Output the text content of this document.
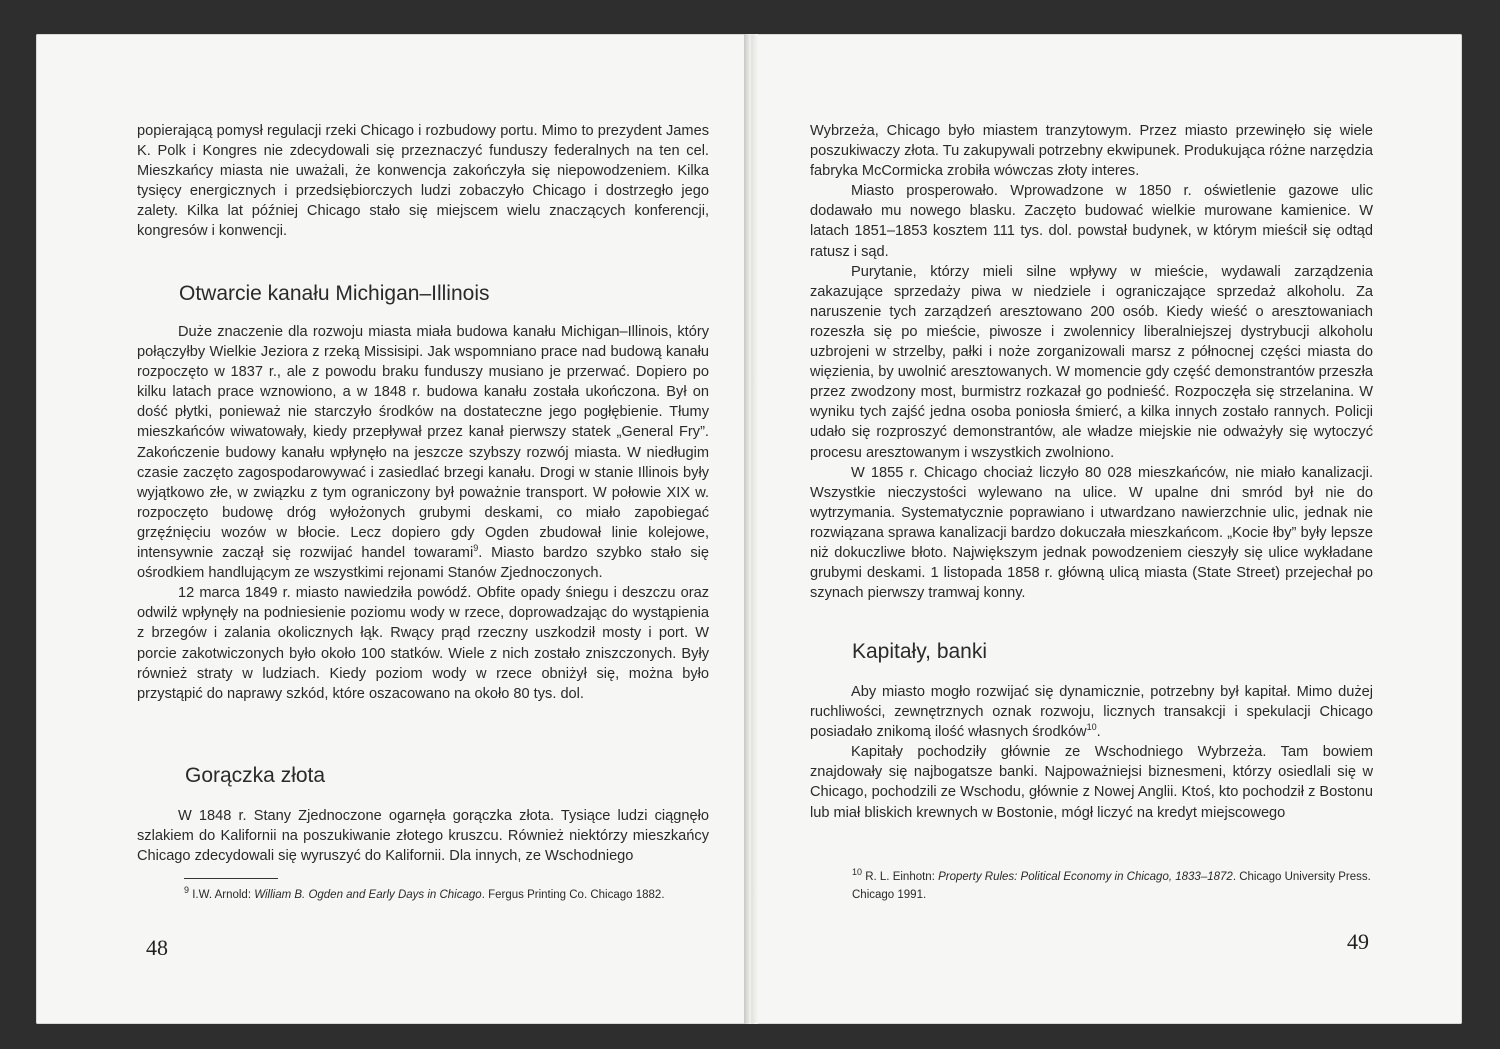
popierającą pomysł regulacji rzeki Chicago i rozbudowy portu. Mimo to prezydent James K. Polk i Kongres nie zdecydowali się przeznaczyć funduszy federalnych na ten cel. Mieszkańcy miasta nie uważali, że konwencja zakończyła się niepowodzeniem. Kilka tysięcy energicznych i przedsiębiorczych ludzi zobaczyło Chicago i dostrzegło jego zalety. Kilka lat później Chicago stało się miejscem wielu znaczących konferencji, kongresów i konwencji.

Otwarcie kanału Michigan–Illinois

Duże znaczenie dla rozwoju miasta miała budowa kanału Michigan–Illinois, który połączyłby Wielkie Jeziora z rzeką Missisipi. Jak wspomniano prace nad budową kanału rozpoczęto w 1837 r., ale z powodu braku funduszy musiano je przerwać. Dopiero po kilku latach prace wznowiono, a w 1848 r. budowa kanału została ukończona. Był on dość płytki, ponieważ nie starczyło środków na dostateczne jego pogłębienie. Tłumy mieszkańców wiwatowały, kiedy przepływał przez kanał pierwszy statek „General Fry”. Zakończenie budowy kanału wpłynęło na jeszcze szybszy rozwój miasta. W niedługim czasie zaczęto zagospodarowywać i zasiedlać brzegi kanału. Drogi w stanie Illinois były wyjątkowo złe, w związku z tym ograniczony był poważnie transport. W połowie XIX w. rozpoczęto budowę dróg wyłożonych grubymi deskami, co miało zapobiegać grzęźnięciu wozów w błocie. Lecz dopiero gdy Ogden zbudował linie kolejowe, intensywnie zaczął się rozwijać handel towarami$^9$. Miasto bardzo szybko stało się ośrodkiem handlującym ze wszystkimi rejonami Stanów Zjednoczonych.

12 marca 1849 r. miasto nawiedziła powódź. Obfite opady śniegu i deszczu oraz odwilż wpłynęły na podniesienie poziomu wody w rzece, doprowadzając do wystąpienia z brzegów i zalania okolicznych łąk. Rwący prąd rzeczny uszkodził mosty i port. W porcie zakotwiczonych było około 100 statków. Wiele z nich zostało zniszczonych. Były również straty w ludziach. Kiedy poziom wody w rzece obniżył się, można było przystąpić do naprawy szkód, które oszacowano na około 80 tys. dol.

Gorączka złota

W 1848 r. Stany Zjednoczone ogarnęła gorączka złota. Tysiące ludzi ciągnęło szlakiem do Kalifornii na poszukiwanie złotego kruszcu. Również niektórzy mieszkańcy Chicago zdecydowali się wyruszyć do Kalifornii. Dla innych, ze Wschodniego

$^9$ I.W. Arnold: William B. Ogden and Early Days in Chicago. Fergus Printing Co. Chicago 1882.
48

Wybrzeża, Chicago było miastem tranzytowym. Przez miasto przewinęło się wiele poszukiwaczy złota. Tu zakupywali potrzebny ekwipunek. Produkująca różne narzędzia fabryka McCormicka zrobiła wówczas złoty interes.

Miasto prosperowało. Wprowadzone w 1850 r. oświetlenie gazowe ulic dodawało mu nowego blasku. Zaczęto budować wielkie murowane kamienice. W latach 1851–1853 kosztem 111 tys. dol. powstał budynek, w którym mieścił się odtąd ratusz i sąd.

Purytanie, którzy mieli silne wpływy w mieście, wydawali zarządzenia zakazujące sprzedaży piwa w niedziele i ograniczające sprzedaż alkoholu. Za naruszenie tych zarządzeń aresztowano 200 osób. Kiedy wieść o aresztowaniach rozeszła się po mieście, piwosze i zwolennicy liberalniejszej dystrybucji alkoholu uzbrojeni w strzelby, pałki i noże zorganizowali marsz z północnej części miasta do więzienia, by uwolnić aresztowanych. W momencie gdy część demonstrantów przeszła przez zwodzony most, burmistrz rozkazał go podnieść. Rozpoczęła się strzelanina. W wyniku tych zajść jedna osoba poniosła śmierć, a kilka innych zostało rannych. Policji udało się rozproszyć demonstrantów, ale władze miejskie nie odważyły się wytoczyć procesu aresztowanym i wszystkich zwolniono.

W 1855 r. Chicago chociaż liczyło 80 028 mieszkańców, nie miało kanalizacji. Wszystkie nieczystości wylewano na ulice. W upalne dni smród był nie do wytrzymania. Systematycznie poprawiano i utwardzano nawierzchnie ulic, jednak nie rozwiązana sprawa kanalizacji bardzo dokuczała mieszkańcom. „Kocie łby” były lepsze niż dokuczliwe błoto. Największym jednak powodzeniem cieszyły się ulice wykładane grubymi deskami. 1 listopada 1858 r. główną ulicą miasta (State Street) przejechał po szynach pierwszy tramwaj konny.

Kapitały, banki

Aby miasto mogło rozwijać się dynamicznie, potrzebny był kapitał. Mimo dużej ruchliwości, zewnętrznych oznak rozwoju, licznych transakcji i spekulacji Chicago posiadało znikomą ilość własnych środków$^{10}$.

Kapitały pochodziły głównie ze Wschodniego Wybrzeża. Tam bowiem znajdowały się najbogatsze banki. Najpoważniejsi biznesmeni, którzy osiedlali się w Chicago, pochodzili ze Wschodu, głównie z Nowej Anglii. Ktoś, kto pochodził z Bostonu lub miał bliskich krewnych w Bostonie, mógł liczyć na kredyt miejscowego

$^{10}$ R. L. Einhotn: Property Rules: Political Economy in Chicago, 1833–1872. Chicago University Press. Chicago 1991.
49
